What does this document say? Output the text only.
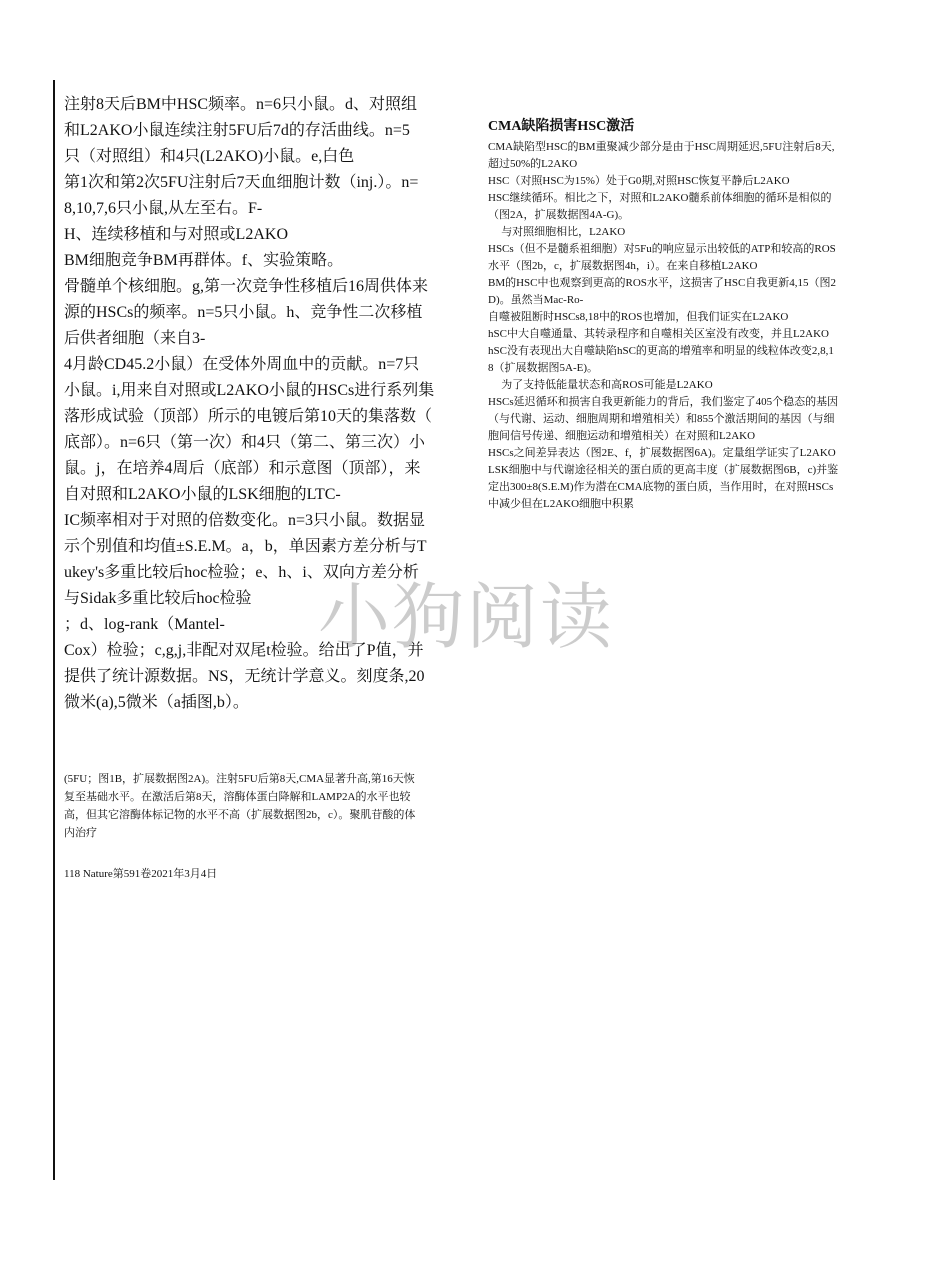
注射8天后BM中HSC频率。n=6只小鼠。d、对照组

和L2AKO小鼠连续注射5FU后7d的存活曲线。n=5

只（对照组）和4只(L2AKO)小鼠。e,白色

第1次和第2次5FU注射后7天血细胞计数（inj.）。n=

8,10,7,6只小鼠,从左至右。F-

H、连续移植和与对照或L2AKO

BM细胞竞争BM再群体。f、实验策略。

骨髓单个核细胞。g,第一次竞争性移植后16周供体来

源的HSCs的频率。n=5只小鼠。h、竞争性二次移植

后供者细胞（来自3-

4月龄CD45.2小鼠）在受体外周血中的贡献。n=7只

小鼠。i,用来自对照或L2AKO小鼠的HSCs进行系列集

落形成试验（顶部）所示的电镀后第10天的集落数（

底部）。n=6只（第一次）和4只（第二、第三次）小

鼠。j，在培养4周后（底部）和示意图（顶部），来

自对照和L2AKO小鼠的LSK细胞的LTC-

IC频率相对于对照的倍数变化。n=3只小鼠。数据显

示个别值和均值±S.E.M。a，b，单因素方差分析与T

ukey's多重比较后hoc检验；e、h、i、双向方差分析

与Sidak多重比较后hoc检验

；d、log-rank（Mantel-

Cox）检验；c,g,j,非配对双尾t检验。给出了P值，并

提供了统计源数据。NS，无统计学意义。刻度条,20

微米(a),5微米（a插图,b）。

(5FU；图1B，扩展数据图2A)。注射5FU后第8天,CMA显著升高,第16天恢

复至基础水平。在激活后第8天，溶酶体蛋白降解和LAMP2A的水平也较

高，但其它溶酶体标记物的水平不高（扩展数据图2b，c）。聚肌苷酸的体

内治疗

118 Nature第591卷2021年3月4日

CMA缺陷损害HSC激活

CMA缺陷型HSC的BM重聚减少部分是由于HSC周期延迟,5FU注射后8天,

超过50%的L2AKO

HSC（对照HSC为15%）处于G0期,对照HSC恢复平静后L2AKO

HSC继续循环。相比之下，对照和L2AKO髓系前体细胞的循环是相似的

（图2A，扩展数据图4A-G)。

与对照细胞相比，L2AKO

HSCs（但不是髓系祖细胞）对5Fu的响应显示出较低的ATP和较高的ROS

水平（图2b，c，扩展数据图4h，i）。在来自移植L2AKO

BM的HSC中也观察到更高的ROS水平，这损害了HSC自我更新4,15（图2

D)。虽然当Mac-Ro-

自噬被阻断时HSCs8,18中的ROS也增加，但我们证实在L2AKO

hSC中大自噬通量、其转录程序和自噬相关区室没有改变，并且L2AKO

hSC没有表现出大自噬缺陷hSC的更高的增殖率和明显的线粒体改变2,8,1

8（扩展数据图5A-E)。

为了支持低能量状态和高ROS可能是L2AKO

HSCs延迟循环和损害自我更新能力的背后，我们鉴定了405个稳态的基因

（与代谢、运动、细胞周期和增殖相关）和855个激活期间的基因（与细

胞间信号传递、细胞运动和增殖相关）在对照和L2AKO

HSCs之间差异表达（图2E、f，扩展数据图6A)。定量组学证实了L2AKO

LSK细胞中与代谢途径相关的蛋白质的更高丰度（扩展数据图6B，c)并鉴

定出300±8(S.E.M)作为潜在CMA底物的蛋白质，当作用时，在对照HSCs

中减少但在L2AKO细胞中积累

小狗阅读
